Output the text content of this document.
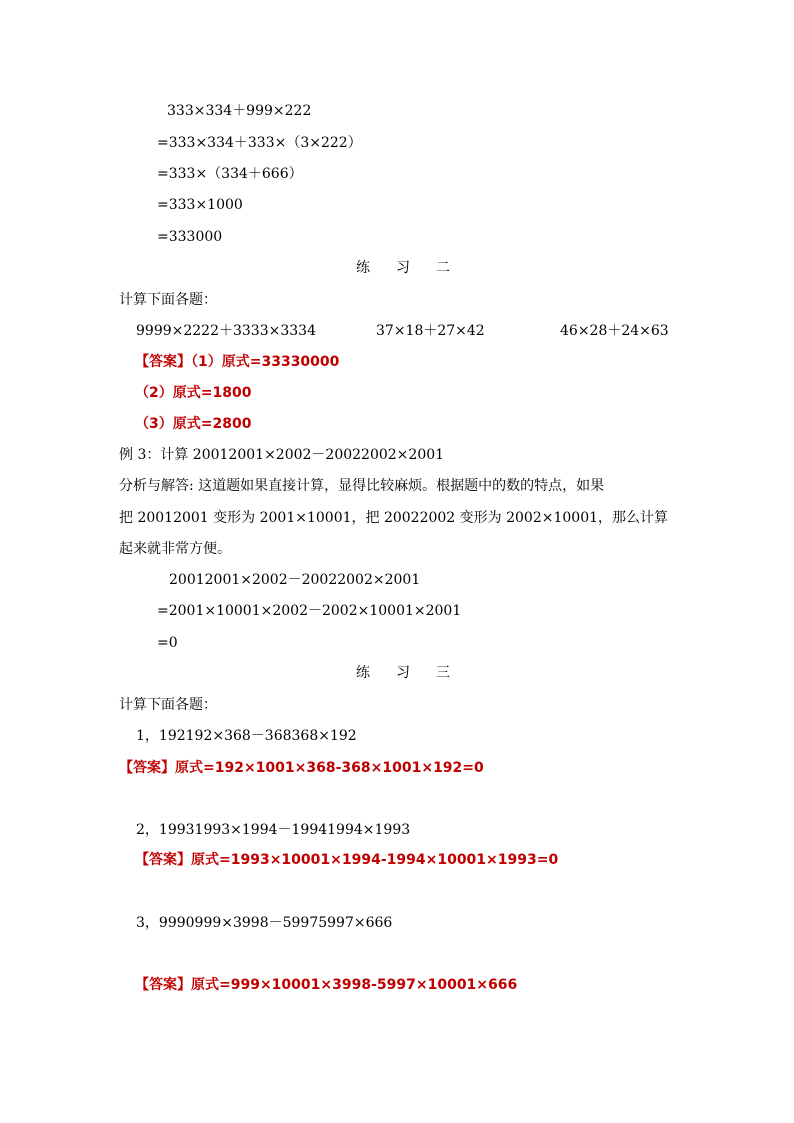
333×334＋999×222
=333×334＋333×（3×222）
=333×（334＋666）
=333×1000
=333000
练 习 二
计算下面各题：
9999×2222＋3333×3334	37×18＋27×42	46×28＋24×63
【答案】（1）原式=33330000
（2）原式=1800
（3）原式=2800
例 3：计算 20012001×2002－20022002×2001
分析与解答: 这道题如果直接计算，显得比较麻烦。根据题中的数的特点，如果
把 20012001 变形为 2001×10001，把 20022002 变形为 2002×10001，那么计算
起来就非常方便。
20012001×2002－20022002×2001
=2001×10001×2002－2002×10001×2001
=0
练 习 三
计算下面各题：
1，192192×368－368368×192
【答案】原式=192×1001×368-368×1001×192=0
2，19931993×1994－19941994×1993
【答案】原式=1993×10001×1994-1994×10001×1993=0
3，9990999×3998－59975997×666
【答案】原式=999×10001×3998-5997×10001×666
